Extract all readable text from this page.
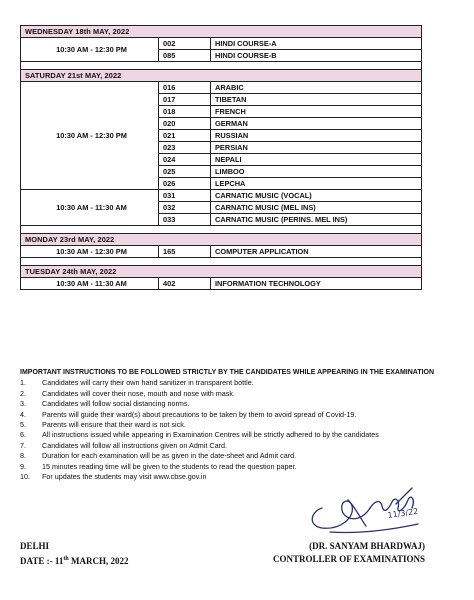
WEDNESDAY 18th MAY, 2022		
10:30 AM - 12:30 PM	002	HINDI COURSE-A
	085	HINDI COURSE-B

SATURDAY 21st MAY, 2022		
10:30 AM - 12:30 PM	016	ARABIC
	017	TIBETAN
	018	FRENCH
	020	GERMAN
	021	RUSSIAN
	023	PERSIAN
	024	NEPALI
	025	LIMBOO
	026	LEPCHA
10:30 AM - 11:30 AM	031	CARNATIC MUSIC (VOCAL)
	032	CARNATIC MUSIC (MEL INS)
	033	CARNATIC MUSIC (PERINS. MEL INS)

MONDAY 23rd MAY, 2022		
10:30 AM - 12:30 PM	165	COMPUTER APPLICATION

TUESDAY 24th MAY, 2022		
10:30 AM - 11:30 AM	402	INFORMATION TECHNOLOGY
IMPORTANT INSTRUCTIONS TO BE FOLLOWED STRICTLY BY THE CANDIDATES WHILE APPEARING IN THE EXAMINATION
1.	Candidates will carry their own hand sanitizer in transparent bottle.
2.	Candidates will cover their nose, mouth and nose with mask.
3.	Candidates will follow social distancing norms.
4.	Parents will guide their ward(s) about precautions to be taken by them to avoid spread of Covid-19.
5.	Parents will ensure that their ward is not sick.
6.	All instructions issued while appearing in Examination Centres will be strictly adhered to by the candidates
7.	Candidates will follow all instructions given on Admit Card.
8.	Duration for each examination will be as given in the date-sheet and Admit card.
9.	15 minutes reading time will be given to the students to read the question paper.
10.	For updates the students may visit www.cbse.gov.in
11/3/22
DELHI
DATE :- 11th MARCH, 2022
(DR. SANYAM BHARDWAJ)
CONTROLLER OF EXAMINATIONS
